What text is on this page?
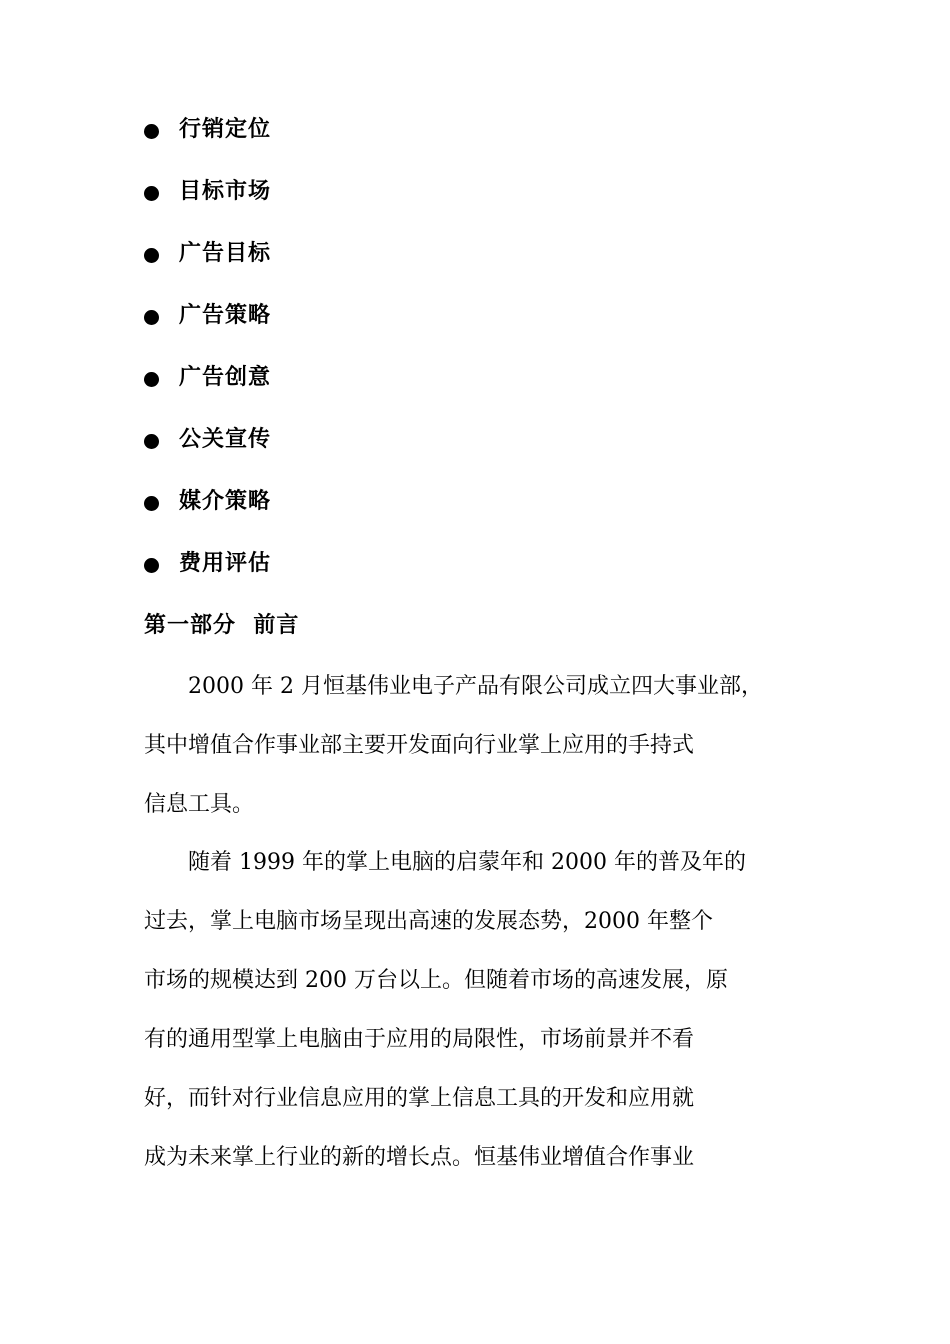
行销定位
目标市场
广告目标
广告策略
广告创意
公关宣传
媒介策略
费用评估
第一部分  前言
2000 年 2 月恒基伟业电子产品有限公司成立四大事业部，
其中增值合作事业部主要开发面向行业掌上应用的手持式
信息工具。
随着 1999 年的掌上电脑的启蒙年和 2000 年的普及年的
过去，掌上电脑市场呈现出高速的发展态势，2000 年整个
市场的规模达到 200 万台以上。但随着市场的高速发展，原
有的通用型掌上电脑由于应用的局限性，市场前景并不看
好，而针对行业信息应用的掌上信息工具的开发和应用就
成为未来掌上行业的新的增长点。恒基伟业增值合作事业
